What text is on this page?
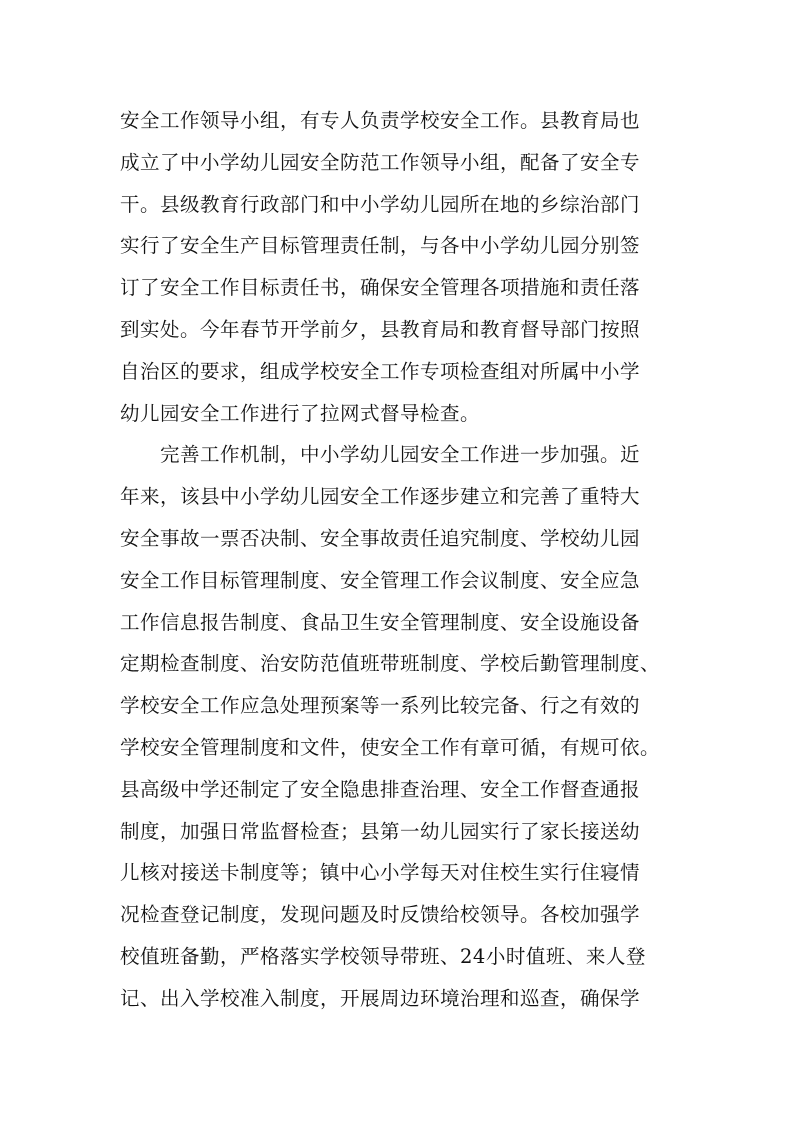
安全工作领导小组，有专人负责学校安全工作。县教育局也
成立了中小学幼儿园安全防范工作领导小组，配备了安全专
干。县级教育行政部门和中小学幼儿园所在地的乡综治部门
实行了安全生产目标管理责任制，与各中小学幼儿园分别签
订了安全工作目标责任书，确保安全管理各项措施和责任落
到实处。今年春节开学前夕，县教育局和教育督导部门按照
自治区的要求，组成学校安全工作专项检查组对所属中小学
幼儿园安全工作进行了拉网式督导检查。
　　完善工作机制，中小学幼儿园安全工作进一步加强。近
年来，该县中小学幼儿园安全工作逐步建立和完善了重特大
安全事故一票否决制、安全事故责任追究制度、学校幼儿园
安全工作目标管理制度、安全管理工作会议制度、安全应急
工作信息报告制度、食品卫生安全管理制度、安全设施设备
定期检查制度、治安防范值班带班制度、学校后勤管理制度、
学校安全工作应急处理预案等一系列比较完备、行之有效的
学校安全管理制度和文件，使安全工作有章可循，有规可依。
县高级中学还制定了安全隐患排查治理、安全工作督查通报
制度，加强日常监督检查；县第一幼儿园实行了家长接送幼
儿核对接送卡制度等；镇中心小学每天对住校生实行住寝情
况检查登记制度，发现问题及时反馈给校领导。各校加强学
校值班备勤，严格落实学校领导带班、24小时值班、来人登
记、出入学校准入制度，开展周边环境治理和巡查，确保学
